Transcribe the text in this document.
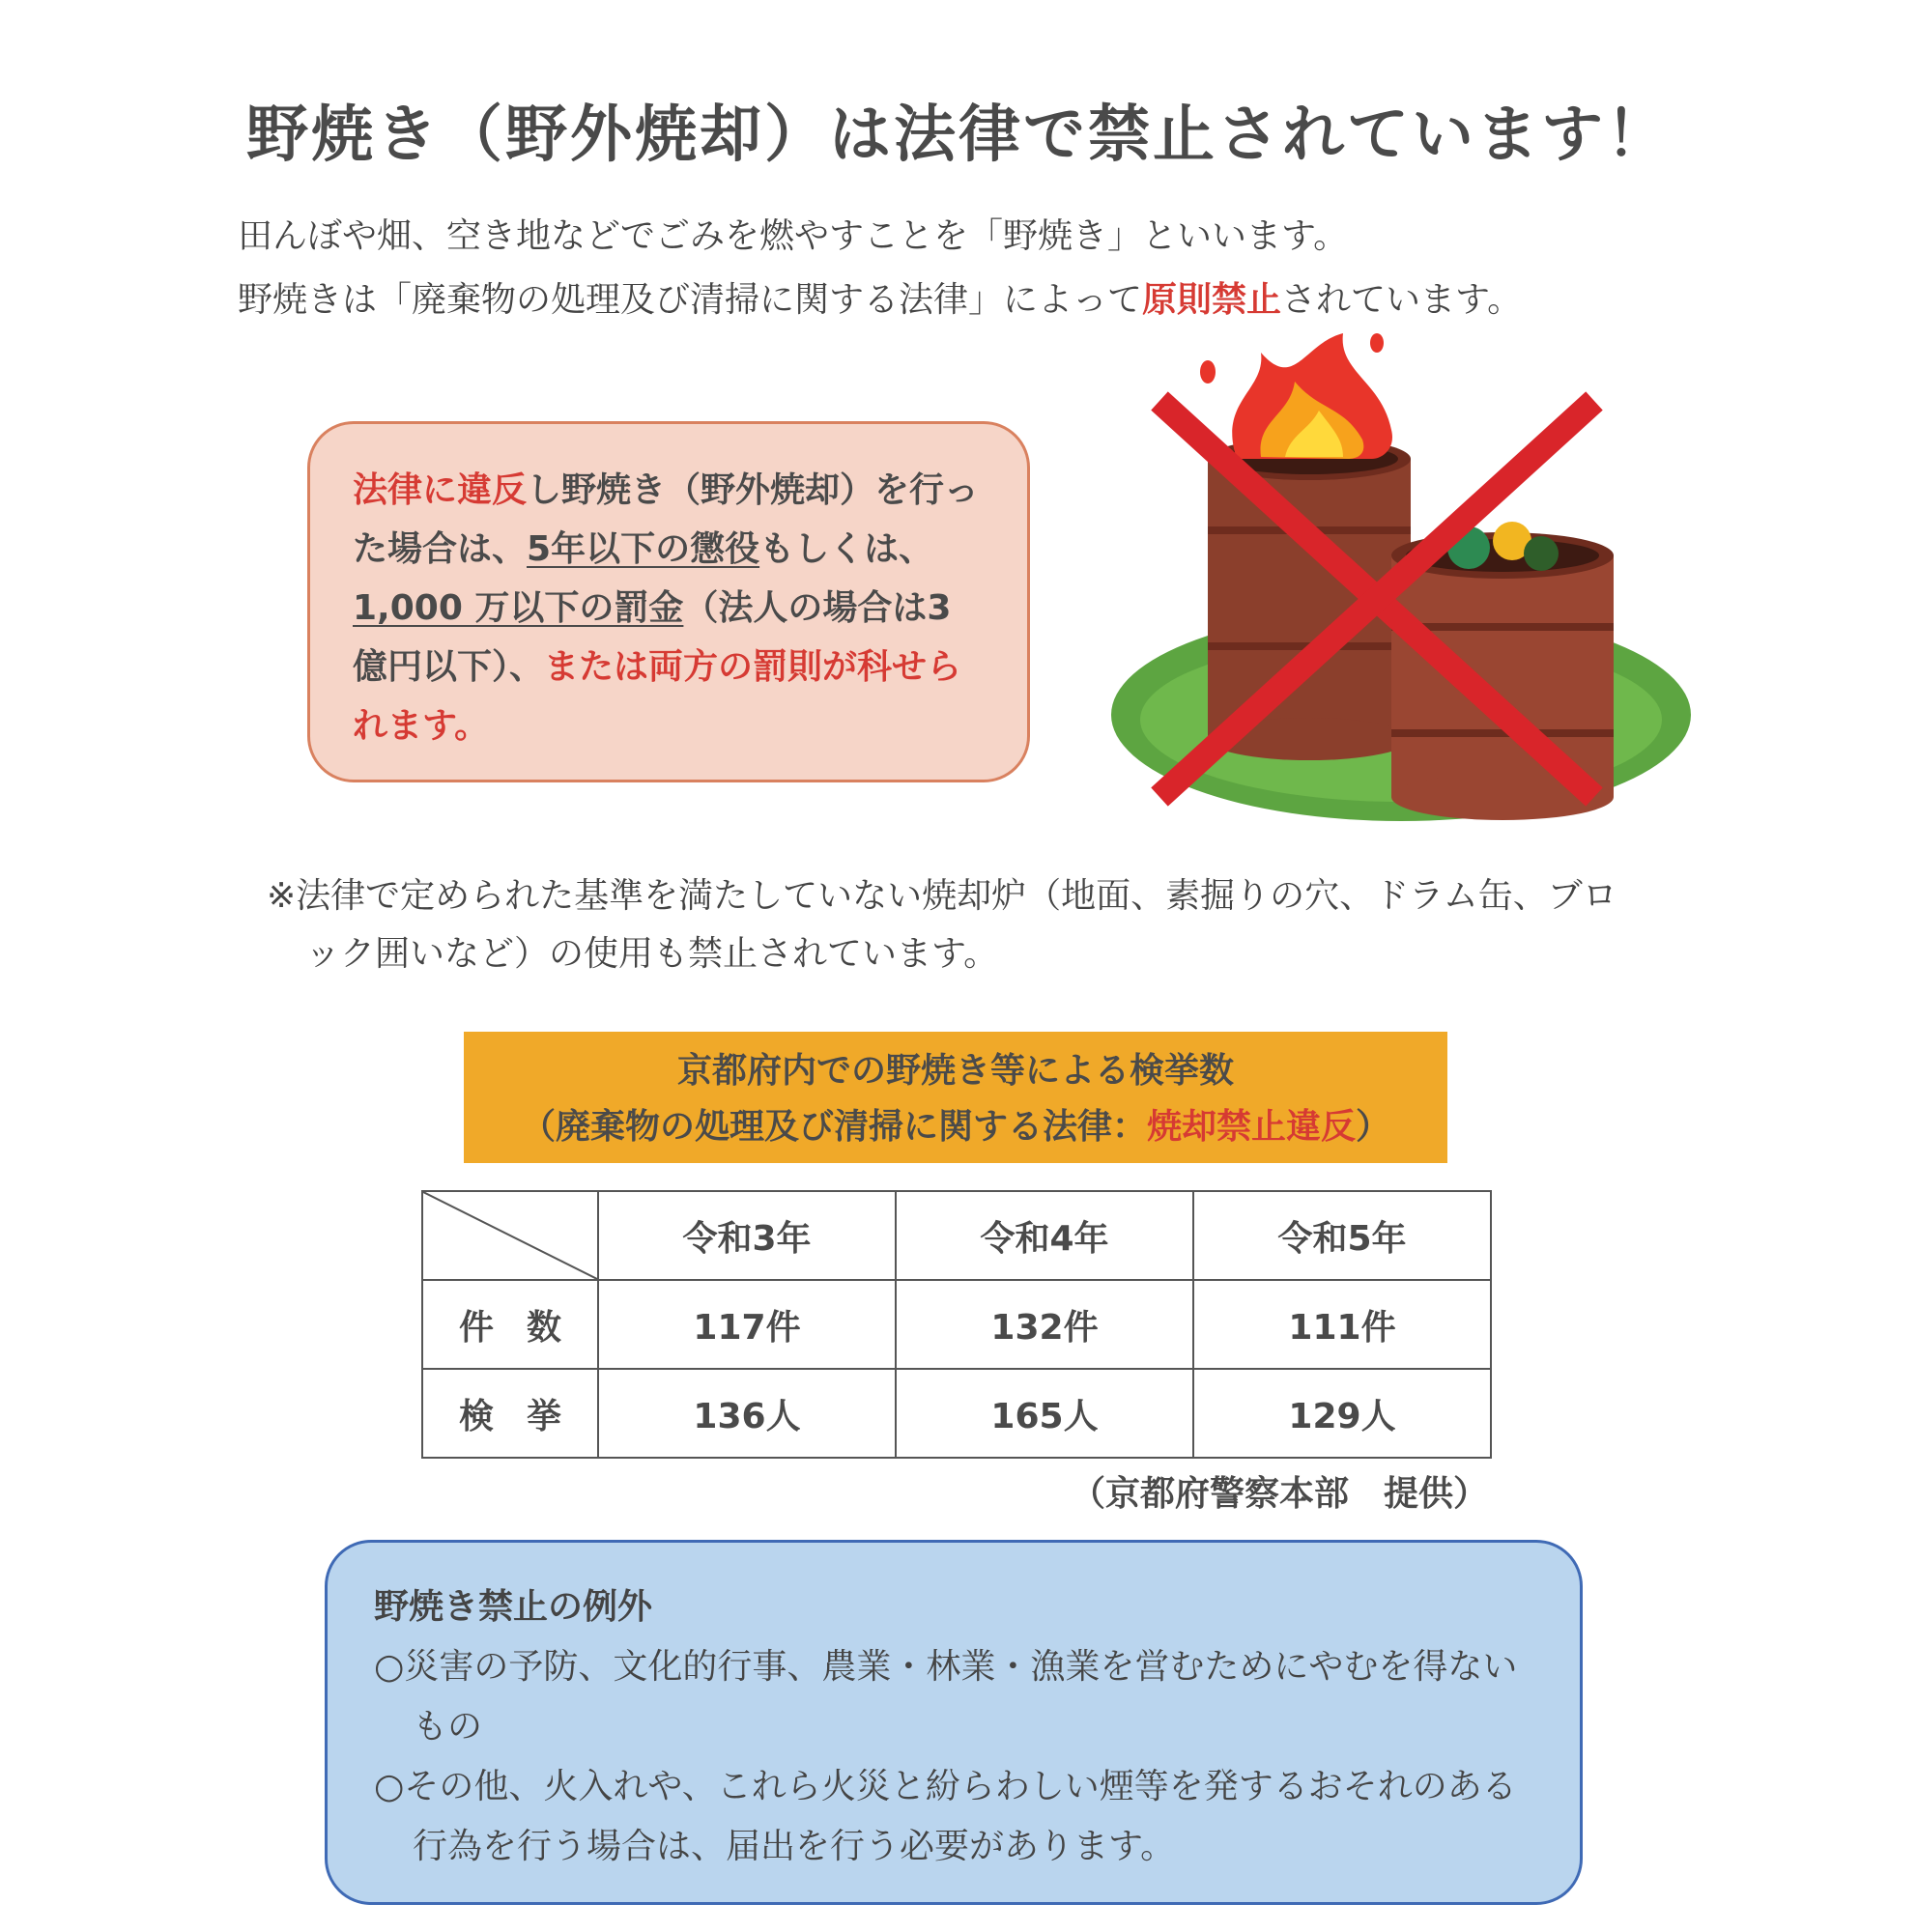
野焼き（野外焼却）は法律で禁止されています！
田んぼや畑、空き地などでごみを燃やすことを「野焼き」といいます。
野焼きは「廃棄物の処理及び清掃に関する法律」によって原則禁止されています。
法律に違反し野焼き（野外焼却）を行った場合は、5年以下の懲役もしくは、1,000 万以下の罰金（法人の場合は3億円以下）、または両方の罰則が科せられます。
※法律で定められた基準を満たしていない焼却炉（地面、素掘りの穴、ドラム缶、ブロ
ック囲いなど）の使用も禁止されています。
京都府内での野焼き等による検挙数
（廃棄物の処理及び清掃に関する法律：焼却禁止違反）
	令和3年	令和4年	令和5年
件数	117件	132件	111件
検挙	136人	165人	129人
（京都府警察本部　提供）
野焼き禁止の例外
○災害の予防、文化的行事、農業・林業・漁業を営むためにやむを得ないもの
○その他、火入れや、これら火災と紛らわしい煙等を発するおそれのある行為を行う場合は、届出を行う必要があります。
